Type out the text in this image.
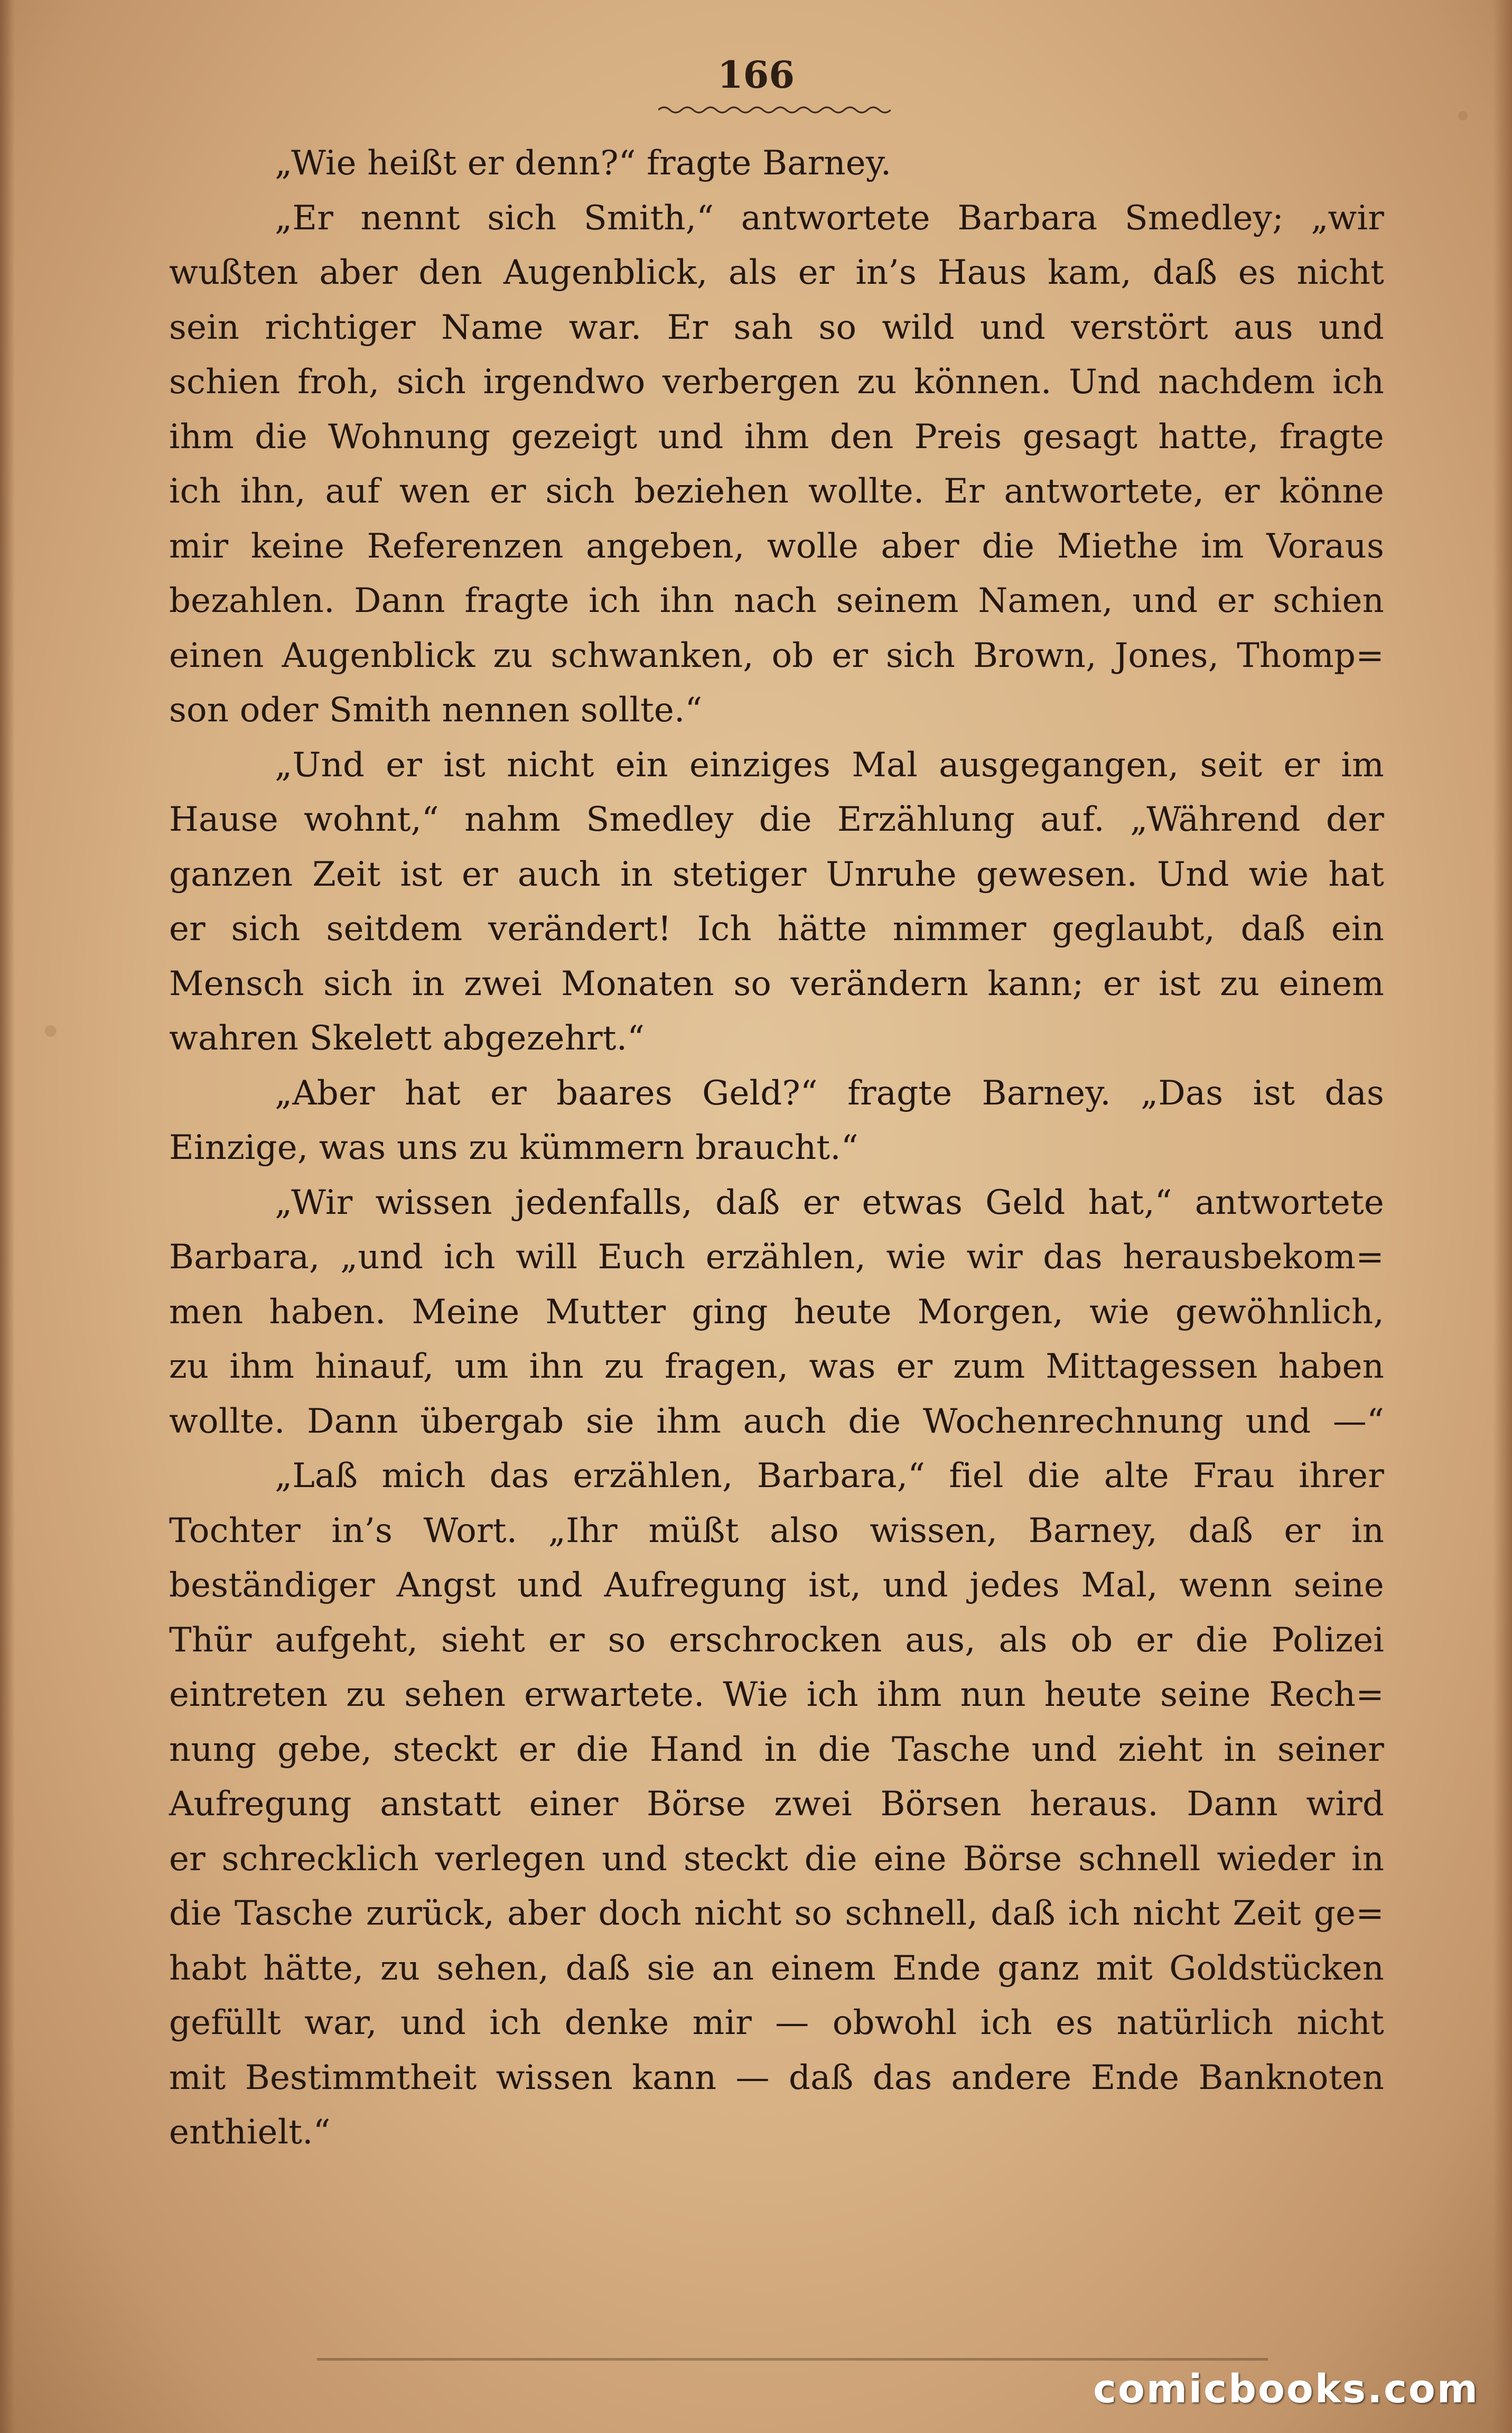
166
„Wie heißt er denn?“ fragte Barney.
„Er nennt sich Smith,“ antwortete Barbara Smedley; „wir
wußten aber den Augenblick, als er in’s Haus kam, daß es nicht
sein richtiger Name war. Er sah so wild und verstört aus und
schien froh, sich irgendwo verbergen zu können. Und nachdem ich
ihm die Wohnung gezeigt und ihm den Preis gesagt hatte, fragte
ich ihn, auf wen er sich beziehen wollte. Er antwortete, er könne
mir keine Referenzen angeben, wolle aber die Miethe im Voraus
bezahlen. Dann fragte ich ihn nach seinem Namen, und er schien
einen Augenblick zu schwanken, ob er sich Brown, Jones, Thomp=
son oder Smith nennen sollte.“
„Und er ist nicht ein einziges Mal ausgegangen, seit er im
Hause wohnt,“ nahm Smedley die Erzählung auf. „Während der
ganzen Zeit ist er auch in stetiger Unruhe gewesen. Und wie hat
er sich seitdem verändert! Ich hätte nimmer geglaubt, daß ein
Mensch sich in zwei Monaten so verändern kann; er ist zu einem
wahren Skelett abgezehrt.“
„Aber hat er baares Geld?“ fragte Barney. „Das ist das
Einzige, was uns zu kümmern braucht.“
„Wir wissen jedenfalls, daß er etwas Geld hat,“ antwortete
Barbara, „und ich will Euch erzählen, wie wir das herausbekom=
men haben. Meine Mutter ging heute Morgen, wie gewöhnlich,
zu ihm hinauf, um ihn zu fragen, was er zum Mittagessen haben
wollte. Dann übergab sie ihm auch die Wochenrechnung und —“
„Laß mich das erzählen, Barbara,“ fiel die alte Frau ihrer
Tochter in’s Wort. „Ihr müßt also wissen, Barney, daß er in
beständiger Angst und Aufregung ist, und jedes Mal, wenn seine
Thür aufgeht, sieht er so erschrocken aus, als ob er die Polizei
eintreten zu sehen erwartete. Wie ich ihm nun heute seine Rech=
nung gebe, steckt er die Hand in die Tasche und zieht in seiner
Aufregung anstatt einer Börse zwei Börsen heraus. Dann wird
er schrecklich verlegen und steckt die eine Börse schnell wieder in
die Tasche zurück, aber doch nicht so schnell, daß ich nicht Zeit ge=
habt hätte, zu sehen, daß sie an einem Ende ganz mit Goldstücken
gefüllt war, und ich denke mir — obwohl ich es natürlich nicht
mit Bestimmtheit wissen kann — daß das andere Ende Banknoten
enthielt.“
comicbooks.com
